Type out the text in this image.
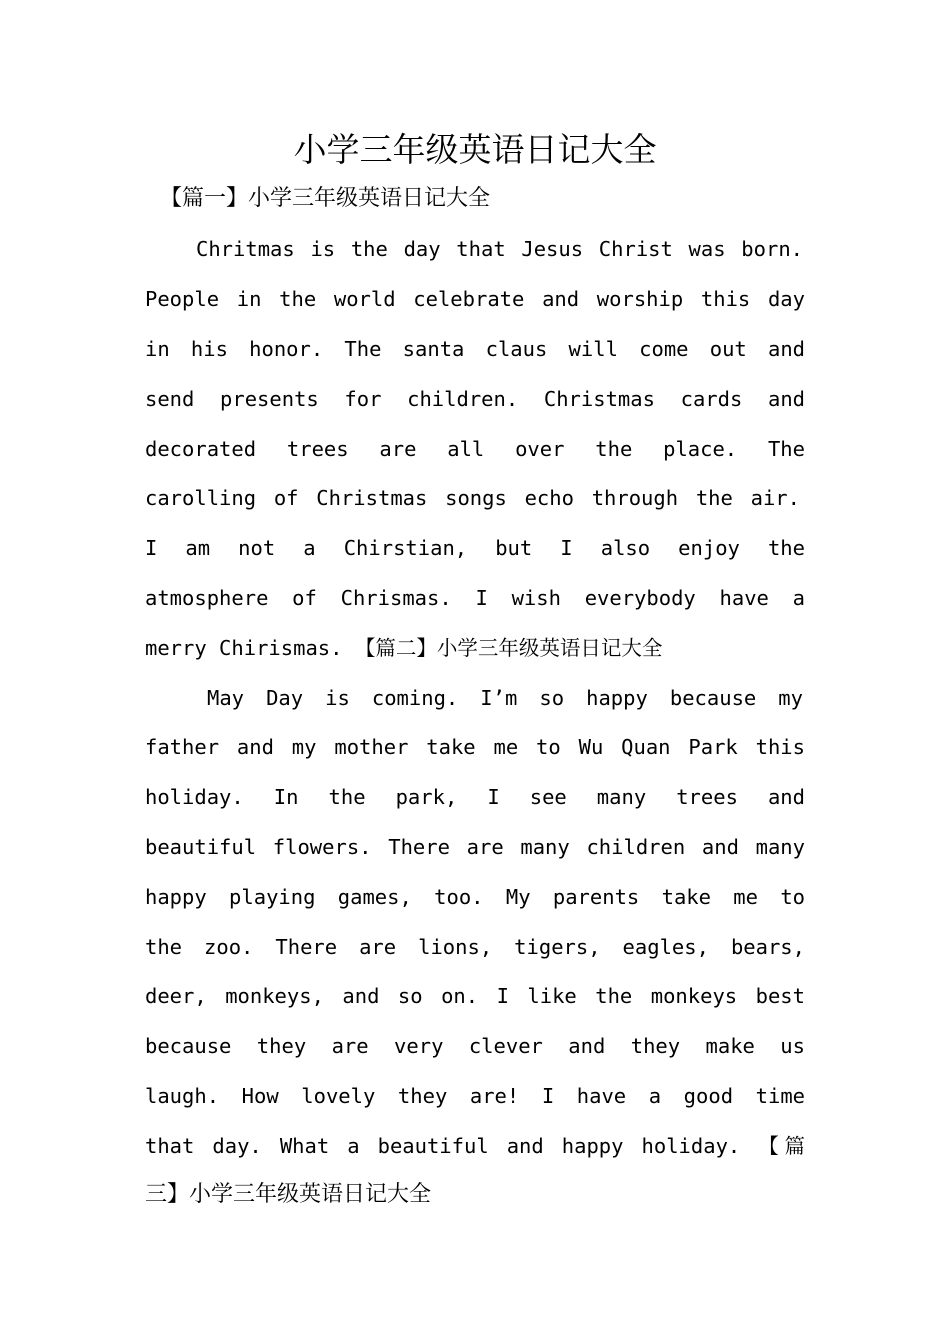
小学三年级英语日记大全
【篇一】小学三年级英语日记大全
Chritmas is the day that Jesus Christ was born.
People in the world celebrate and worship this day
in his honor. The santa claus will come out and
send presents for children. Christmas cards and
decorated trees are all over the place. The
carolling of Christmas songs echo through the air.
I am not a Chirstian, but I also enjoy the
atmosphere of Chrismas. I wish everybody have a
merry Chirismas. 【篇二】小学三年级英语日记大全
May Day is coming. I’m so happy because my
father and my mother take me to Wu Quan Park this
holiday. In the park, I see many trees and
beautiful flowers. There are many children and many
happy playing games, too. My parents take me to
the zoo. There are lions, tigers, eagles, bears,
deer, monkeys, and so on. I like the monkeys best
because they are very clever and they make us
laugh. How lovely they are! I have a good time
that day. What a beautiful and happy holiday. 【篇
三】小学三年级英语日记大全
